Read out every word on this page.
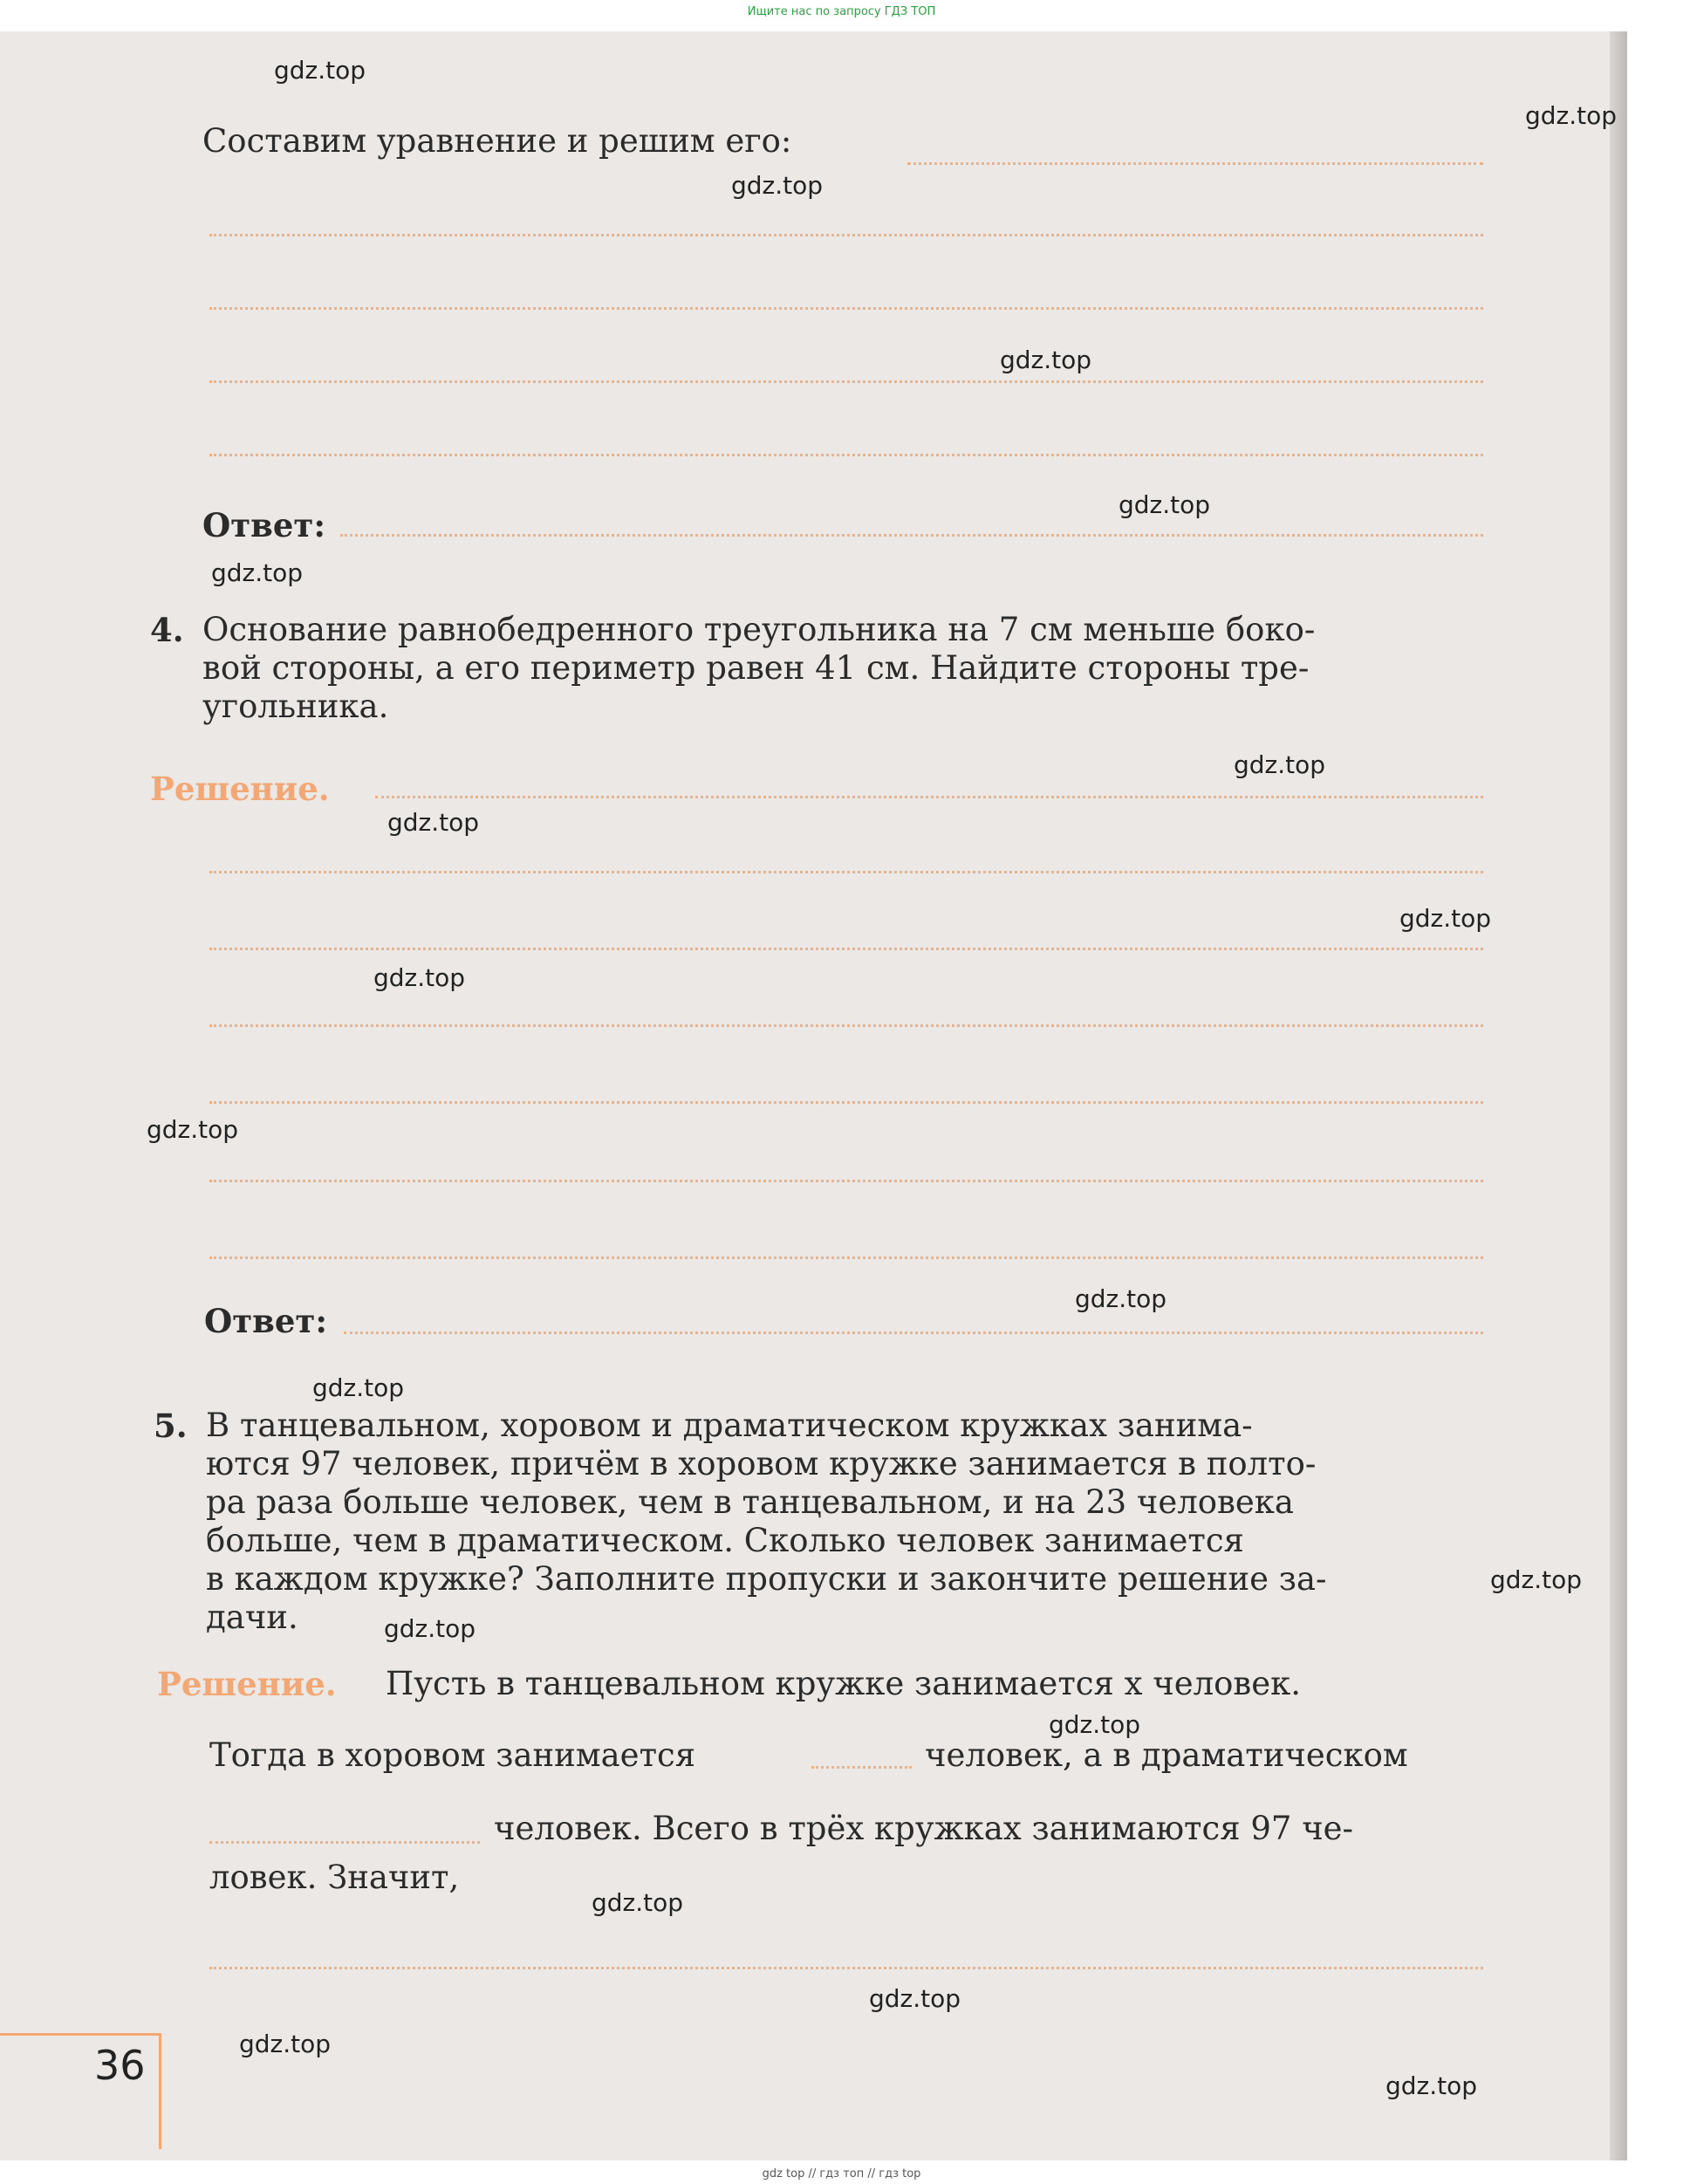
Ищите нас по запросу ГДЗ ТОП
Составим уравнение и решим его:
Ответ:
4. Основание равнобедренного треугольника на 7 см меньше боко-
вой стороны, а его периметр равен 41 см. Найдите стороны тре-
угольника.
Решение.
Ответ:
5. В танцевальном, хоровом и драматическом кружках занима-
ются 97 человек, причём в хоровом кружке занимается в полто-
ра раза больше человек, чем в танцевальном, и на 23 человека
больше, чем в драматическом. Сколько человек занимается
в каждом кружке? Заполните пропуски и закончите решение за-
дачи.
Решение. Пусть в танцевальном кружке занимается x человек.
Тогда в хоровом занимается	человек, а в драматическом
человек. Всего в трёх кружках занимаются 97 че-
ловек. Значит,
36
gdz.top
gdz.top
gdz.top
gdz.top
gdz.top
gdz.top
gdz.top
gdz.top
gdz.top
gdz.top
gdz.top
gdz.top
gdz.top
gdz.top
gdz.top
gdz.top
gdz.top
gdz.top
gdz.top
gdz.top
gdz top // гдз топ // гдз top
